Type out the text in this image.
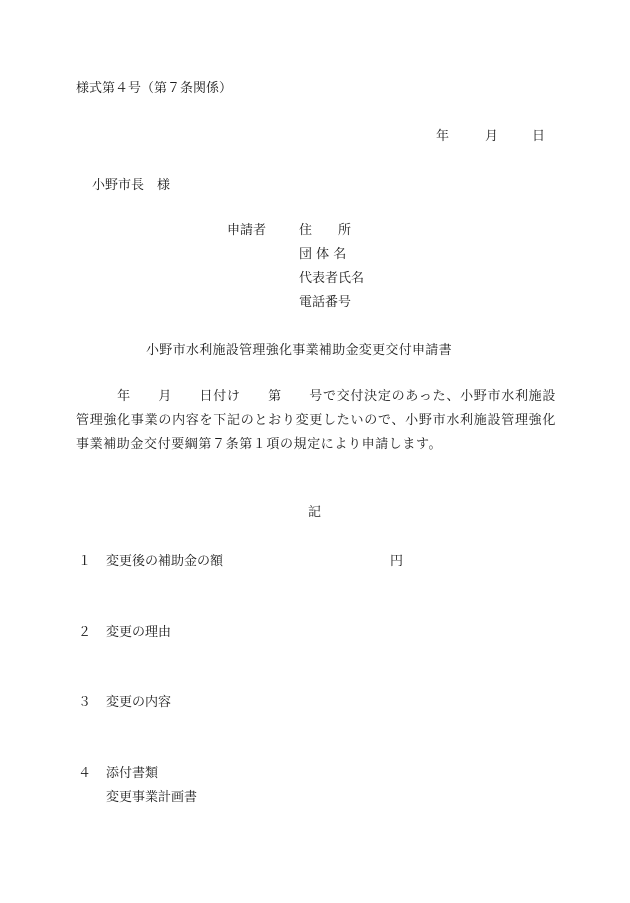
様式第４号（第７条関係）
年	月	日
小野市長　様
申請者	住　　所
団 体 名
代表者氏名
電話番号
小野市水利施設管理強化事業補助金変更交付申請書
　　　年　　月　　日付け　　第　　号で交付決定のあった、小野市水利施設管理強化事業の内容を下記のとおり変更したいので、小野市水利施設管理強化事業補助金交付要綱第７条第１項の規定により申請します。
記
１ 変更後の補助金の額	円
２ 変更の理由
３ 変更の内容
４ 添付書類
変更事業計画書
